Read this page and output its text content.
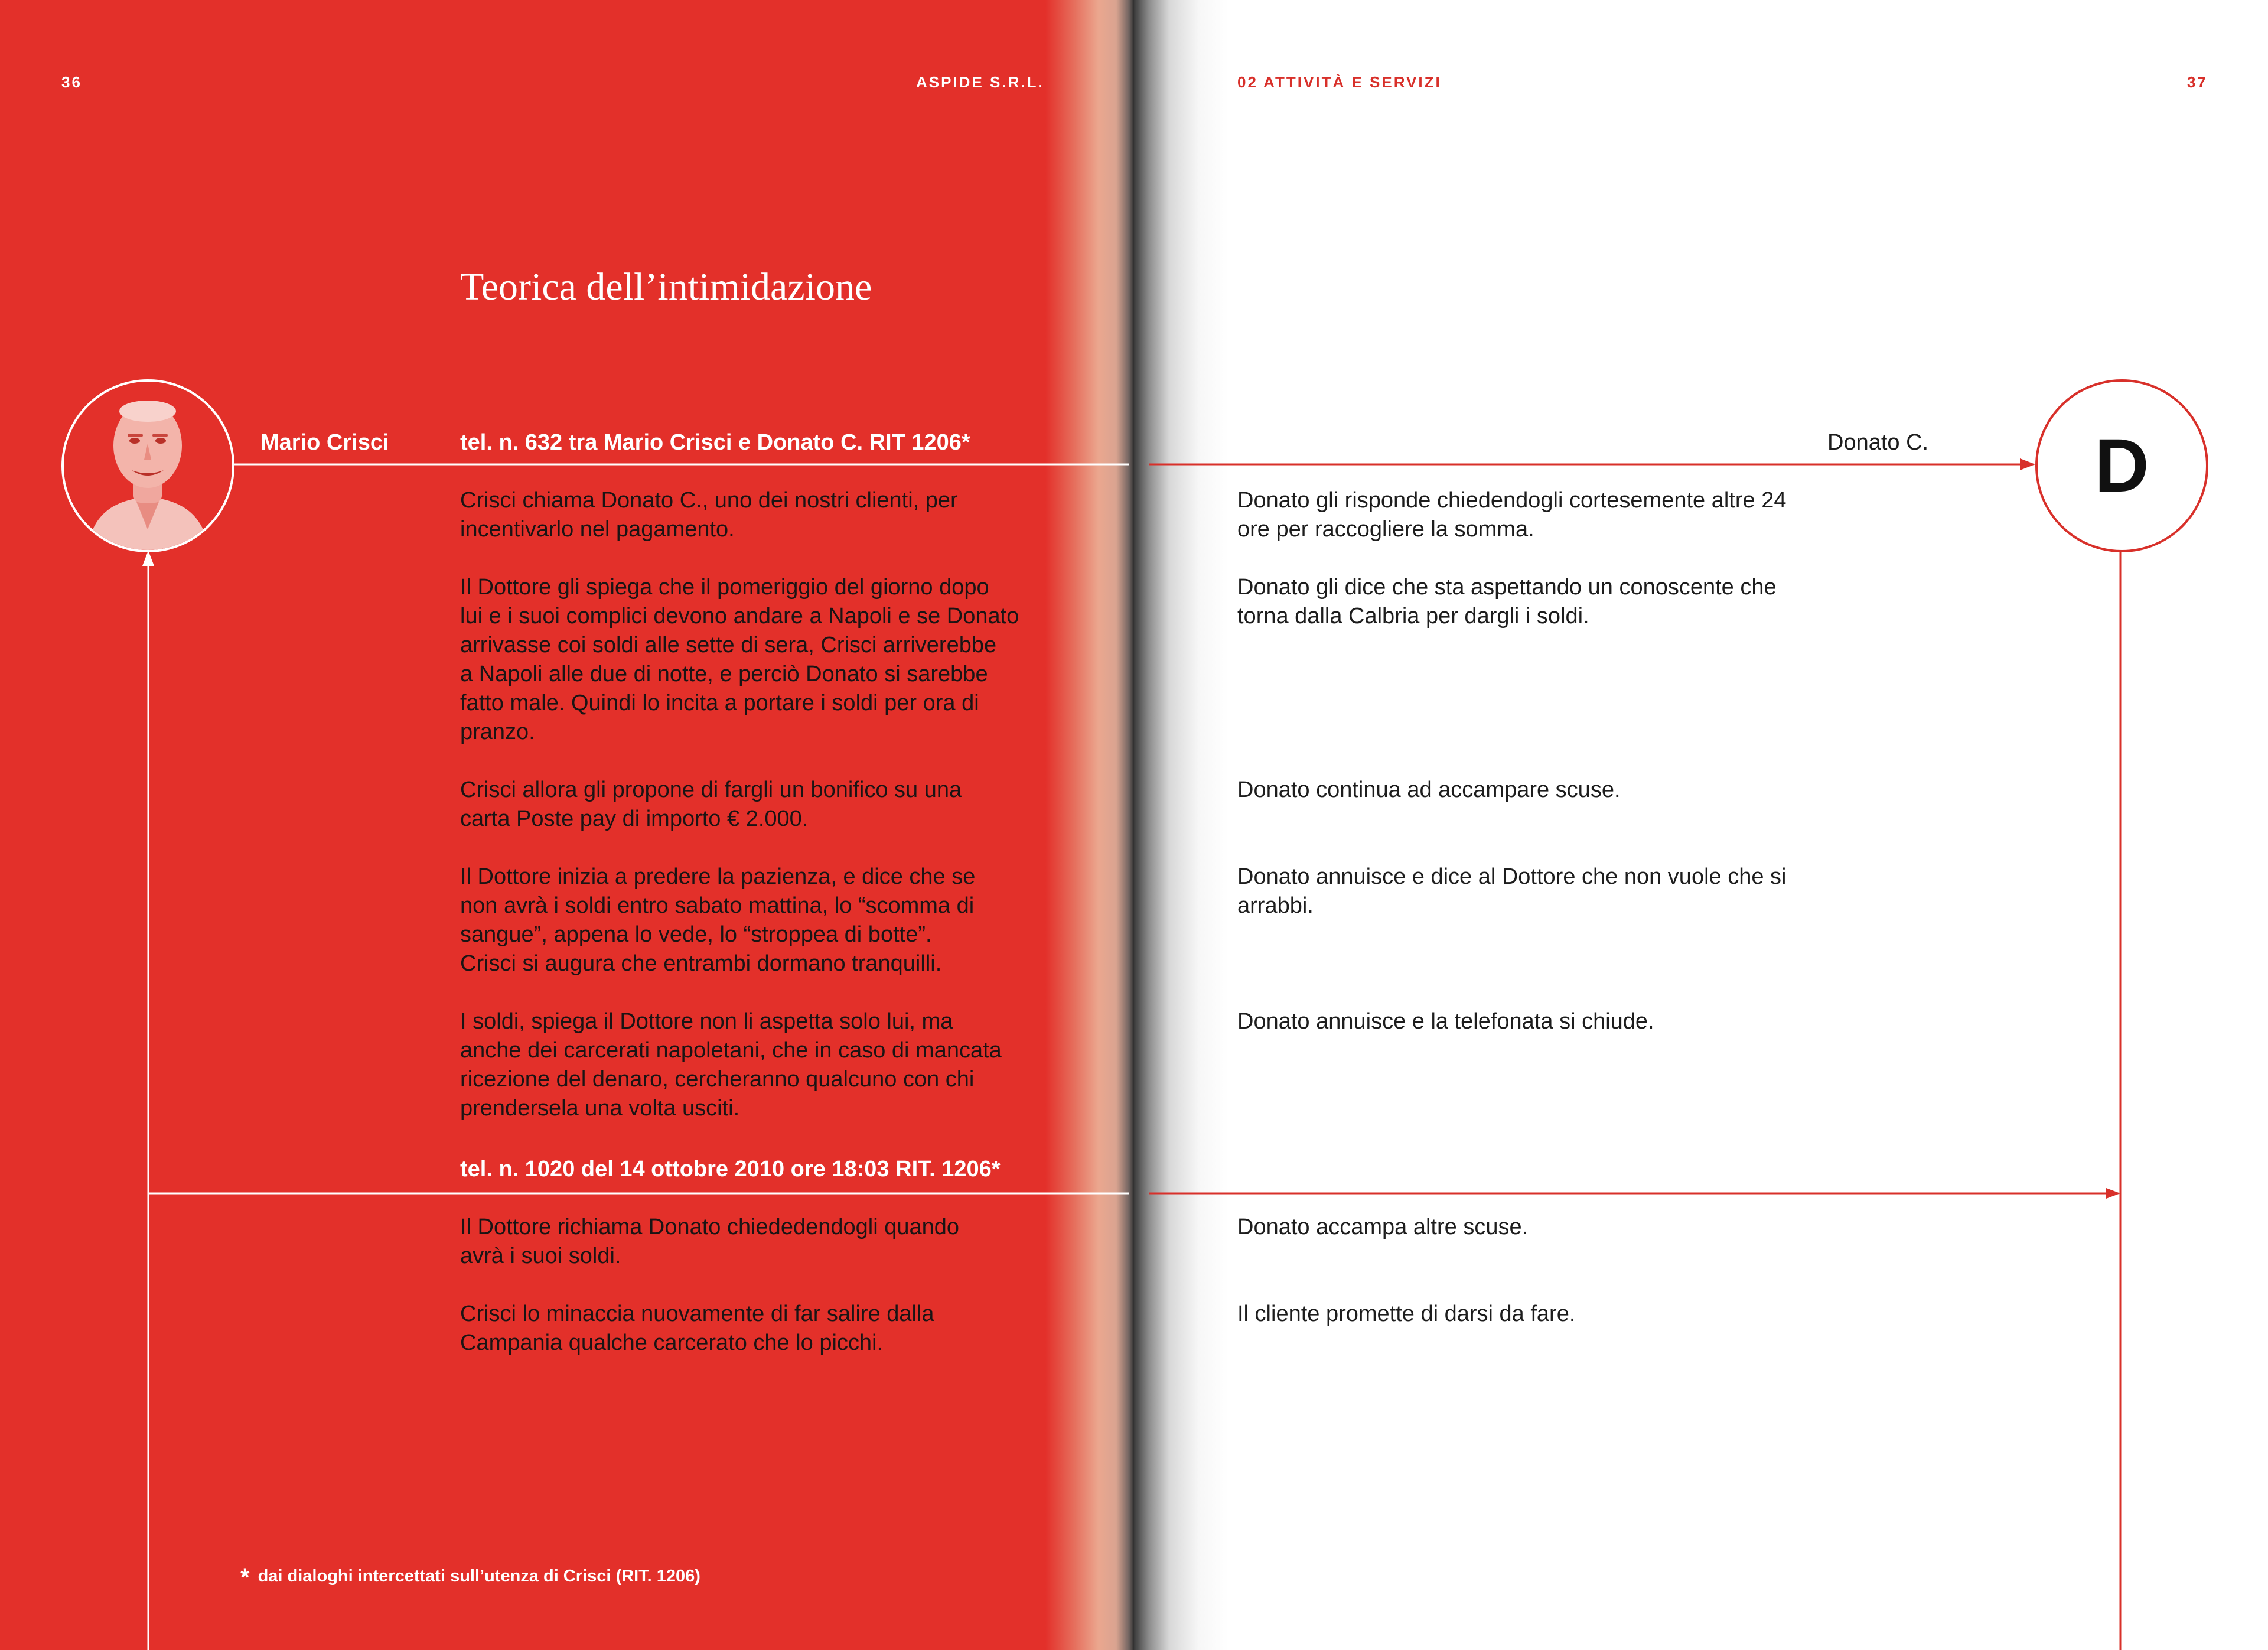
36	ASPIDE S.R.L.	02 ATTIVITÀ E SERVIZI	37

Teorica dell’intimidazione

Mario Crisci	Donato C. D

tel. n. 632 tra Mario Crisci e Donato C. RIT 1206*

Crisci chiama Donato C., uno dei nostri clienti, per
incentivarlo nel pagamento.

Il Dottore gli spiega che il pomeriggio del giorno dopo
lui e i suoi complici devono andare a Napoli e se Donato
arrivasse coi soldi alle sette di sera, Crisci arriverebbe
a Napoli alle due di notte, e perciò Donato si sarebbe
fatto male. Quindi lo incita a portare i soldi per ora di
pranzo.

Crisci allora gli propone di fargli un bonifico su una
carta Poste pay di importo € 2.000.

Il Dottore inizia a predere la pazienza, e dice che se
non avrà i soldi entro sabato mattina, lo “scomma di
sangue”, appena lo vede, lo “stroppea di botte”.
Crisci si augura che entrambi dormano tranquilli.

I soldi, spiega il Dottore non li aspetta solo lui, ma
anche dei carcerati napoletani, che in caso di mancata
ricezione del denaro, cercheranno qualcuno con chi
prendersela una volta usciti.

tel. n. 1020 del 14 ottobre 2010 ore 18:03 RIT. 1206*

Il Dottore richiama Donato chiededendogli quando
avrà i suoi soldi.

Crisci lo minaccia nuovamente di far salire dalla
Campania qualche carcerato che lo picchi.

Donato gli risponde chiedendogli cortesemente altre 24
ore per raccogliere la somma.

Donato gli dice che sta aspettando un conoscente che
torna dalla Calbria per dargli i soldi.

Donato continua ad accampare scuse.

Donato annuisce e dice al Dottore che non vuole che si
arrabbi.

Donato annuisce e la telefonata si chiude.

Donato accampa altre scuse.

Il cliente promette di darsi da fare.

* dai dialoghi intercettati sull’utenza di Crisci (RIT. 1206)
